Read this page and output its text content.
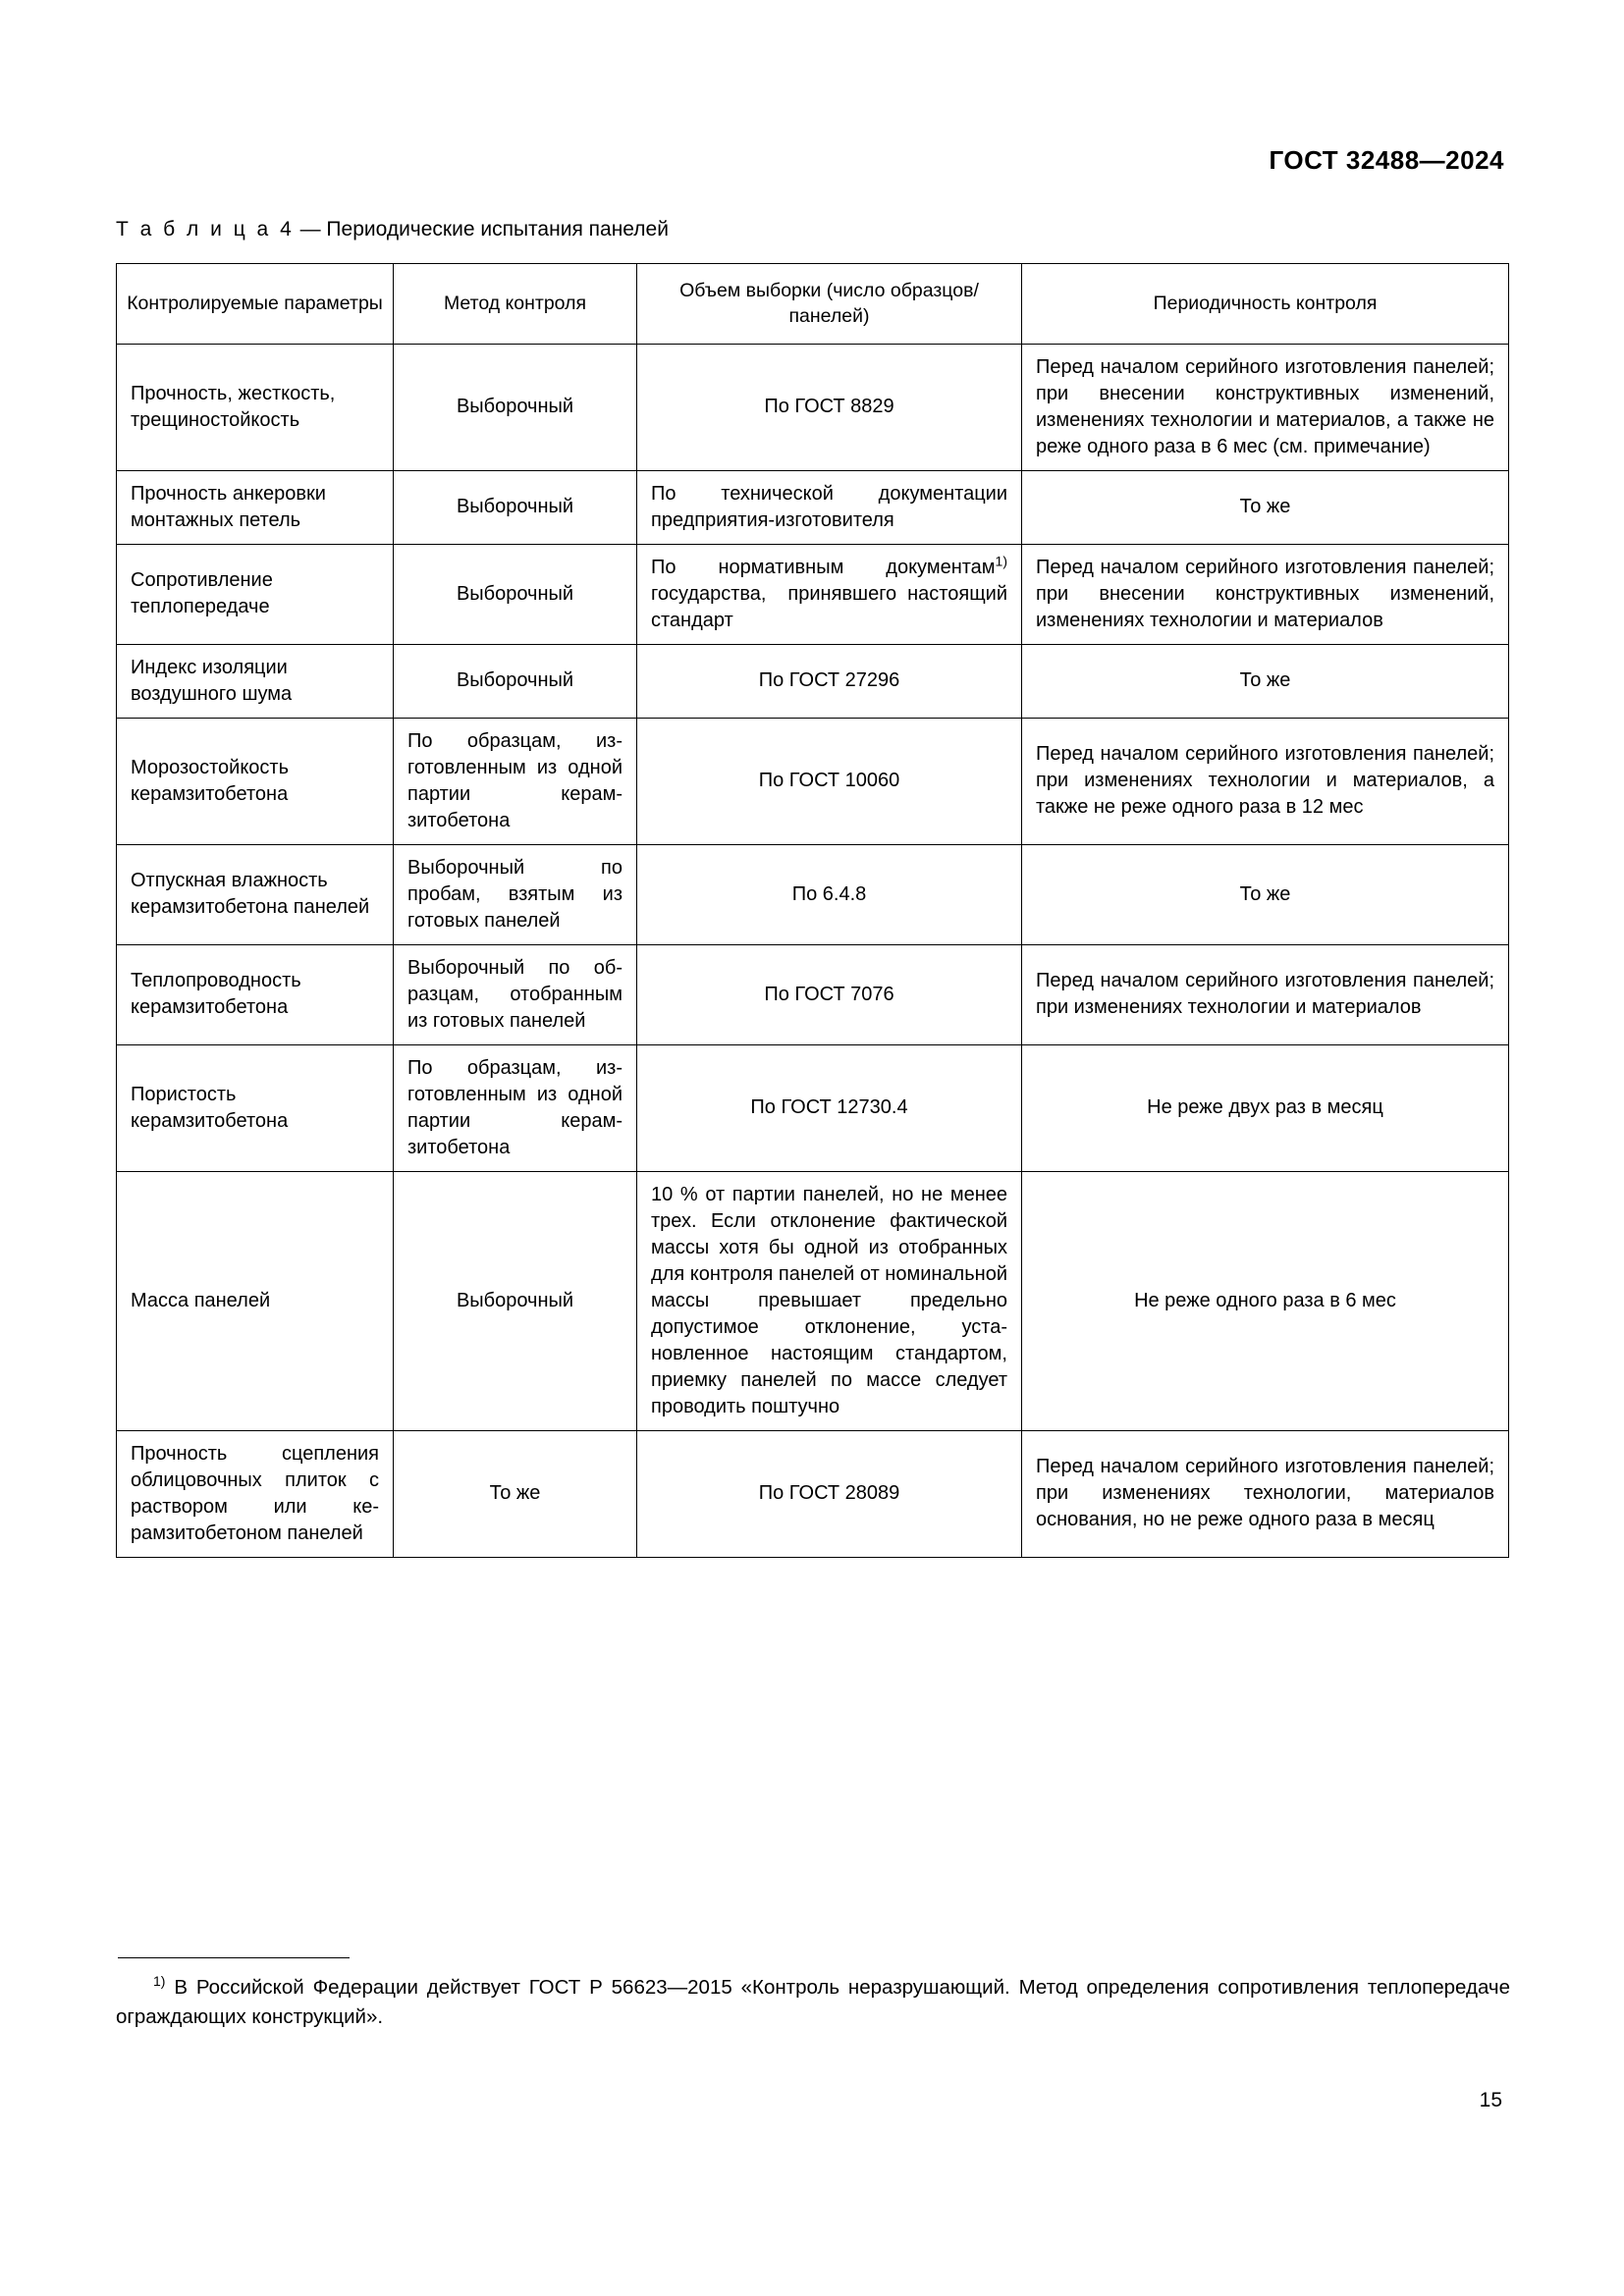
ГОСТ 32488—2024
Т а б л и ц а 4 — Периодические испытания панелей
Контролируемые параметры	Метод контроля	Объем выборки (число образцов/ панелей)	Периодичность контроля
Прочность, жесткость, трещиностойкость	Выборочный	По ГОСТ 8829	Перед началом серийного изготовления панелей; при внесении конструктивных изменений, изменениях технологии и материалов, а также не реже одного раза в 6 мес (см. примечание)
Прочность анкеровки монтажных петель	Выборочный	По технической документации предприятия-изготовителя	То же
Сопротивление теплопередаче	Выборочный	По нормативным документам$^{1)}$ государства,  принявшего настоящий стандарт	Перед началом серийного изготовления панелей; при внесении конструктивных изменений, изменениях технологии и материалов
Индекс изоляции воздушного шума	Выборочный	По ГОСТ 27296	То же
Морозостойкость керамзитобетона	По образцам, изготовленным из одной партии керамзитобетона	По ГОСТ 10060	Перед началом серийного изготовления панелей; при изменениях технологии и материалов, а также не реже одного раза в 12 мес
Отпускная влажность керамзитобетона панелей	Выборочный по пробам, взятым из готовых панелей	По 6.4.8	То же
Теплопроводность керамзитобетона	Выборочный по образцам, отобранным из готовых панелей	По ГОСТ 7076	Перед началом серийного изготовления панелей; при изменениях технологии и материалов
Пористость керамзитобетона	По образцам, изготовленным из одной партии керамзитобетона	По ГОСТ 12730.4	Не реже двух раз в месяц
Масса панелей	Выборочный	10 % от партии панелей, но не менее трех. Если отклонение фактической массы хотя бы одной из отобранных для контроля панелей от номинальной массы превышает предельно допустимое отклонение, установленное настоящим стандартом, приемку панелей по массе следует проводить поштучно	Не реже одного раза в 6 мес
Прочность сцепления облицовочных плиток с раствором или керамзитобетоном панелей	То же	По ГОСТ 28089	Перед началом серийного изготовления панелей; при изменениях технологии, материалов основания, но не реже одного раза в месяц
$^{1)}$ В Российской Федерации действует ГОСТ Р 56623—2015 «Контроль неразрушающий. Метод определения сопротивления теплопередаче ограждающих конструкций».
15
